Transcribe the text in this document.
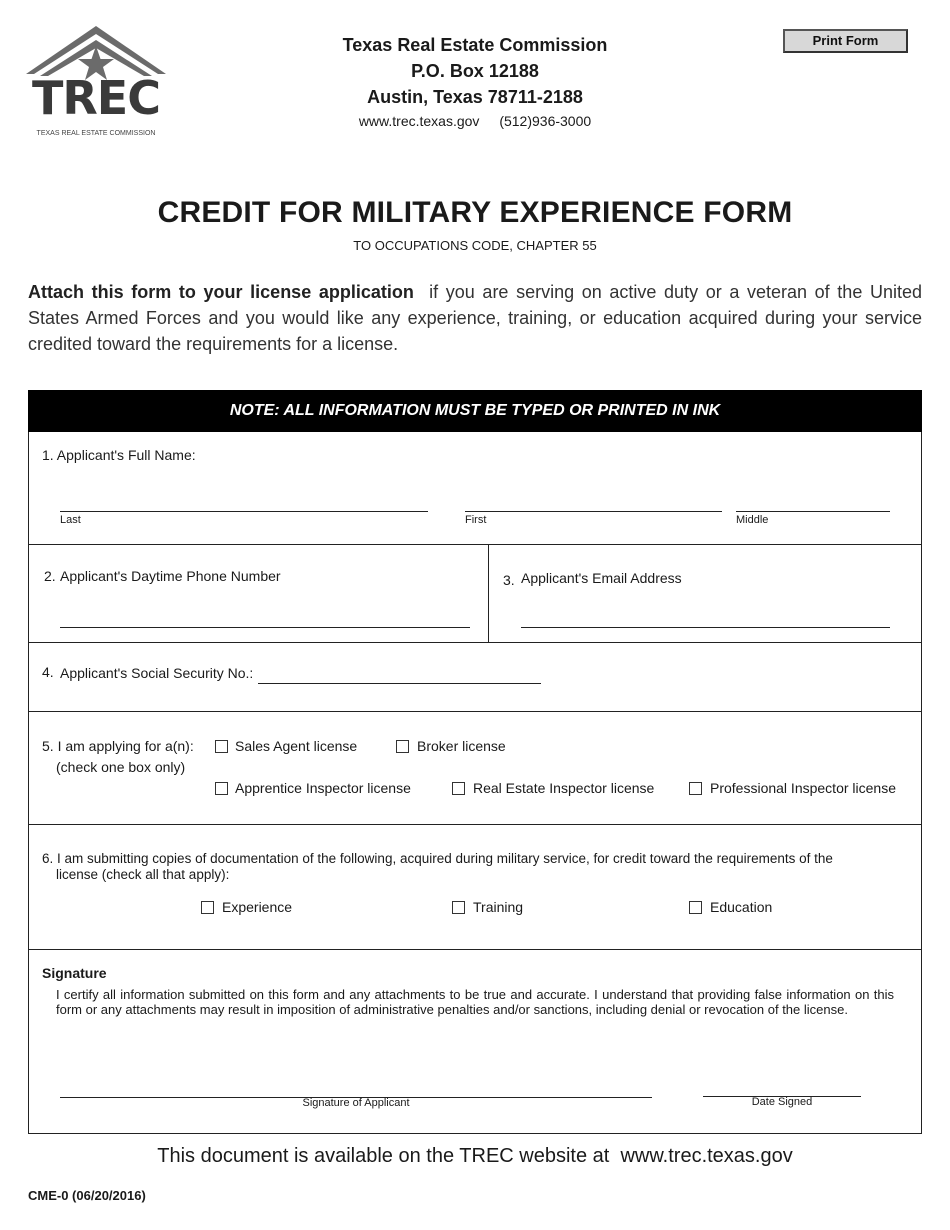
TREC
TEXAS REAL ESTATE COMMISSION
Texas Real Estate Commission
P.O. Box 12188
Austin, Texas 78711-2188
www.trec.texas.gov (512)936-3000
Print Form
CREDIT FOR MILITARY EXPERIENCE FORM
TO OCCUPATIONS CODE, CHAPTER 55
Attach this form to your license application if you are serving on active duty or a veteran of the United States Armed Forces and you would like any experience, training, or education acquired during your service credited toward the requirements for a license.
NOTE: ALL INFORMATION MUST BE TYPED OR PRINTED IN INK
1. Applicant's Full Name:
Last	First	Middle
2. Applicant's Daytime Phone Number	3. Applicant's Email Address
4. Applicant's Social Security No.:
5. I am applying for a(n):
(check one box only)
Sales Agent license	Broker license
Apprentice Inspector license	Real Estate Inspector license	Professional Inspector license
6. I am submitting copies of documentation of the following, acquired during military service, for credit toward the requirements of the
license (check all that apply):
Experience	Training	Education
Signature
I certify all information submitted on this form and any attachments to be true and accurate. I understand that providing false information on this form or any attachments may result in imposition of administrative penalties and/or sanctions, including denial or revocation of the license.
Signature of Applicant	Date Signed
This document is available on the TREC website at  www.trec.texas.gov
CME-0 (06/20/2016)
